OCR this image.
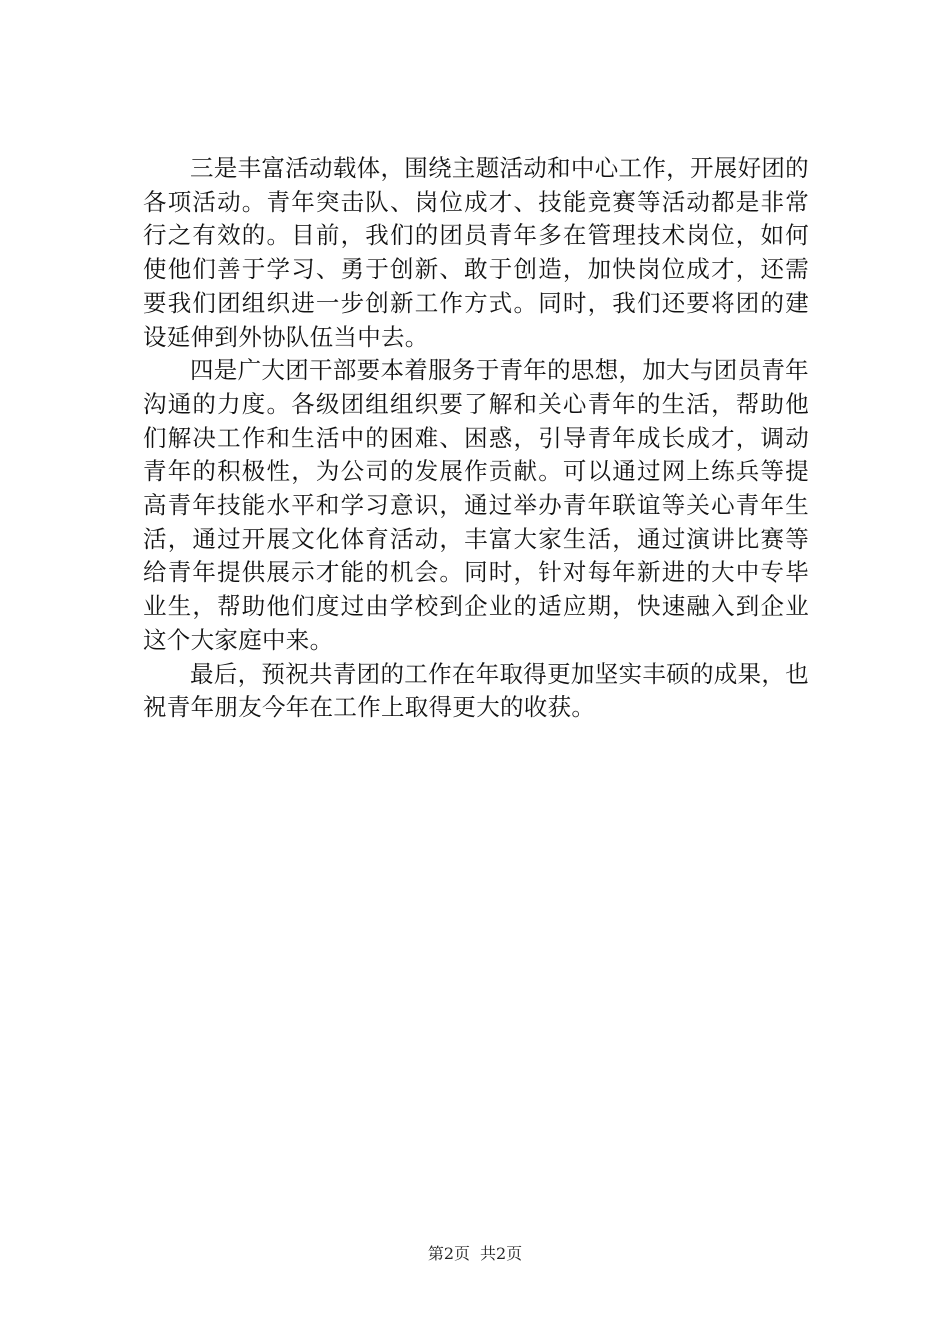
三是丰富活动载体，围绕主题活动和中心工作，开展好团的各项活动。青年突击队、岗位成才、技能竞赛等活动都是非常行之有效的。目前，我们的团员青年多在管理技术岗位，如何使他们善于学习、勇于创新、敢于创造，加快岗位成才，还需要我们团组织进一步创新工作方式。同时，我们还要将团的建设延伸到外协队伍当中去。

四是广大团干部要本着服务于青年的思想，加大与团员青年沟通的力度。各级团组组织要了解和关心青年的生活，帮助他们解决工作和生活中的困难、困惑，引导青年成长成才，调动青年的积极性，为公司的发展作贡献。可以通过网上练兵等提高青年技能水平和学习意识，通过举办青年联谊等关心青年生活，通过开展文化体育活动，丰富大家生活，通过演讲比赛等给青年提供展示才能的机会。同时，针对每年新进的大中专毕业生，帮助他们度过由学校到企业的适应期，快速融入到企业这个大家庭中来。

最后，预祝共青团的工作在年取得更加坚实丰硕的成果，也祝青年朋友今年在工作上取得更大的收获。

第2页 共2页
